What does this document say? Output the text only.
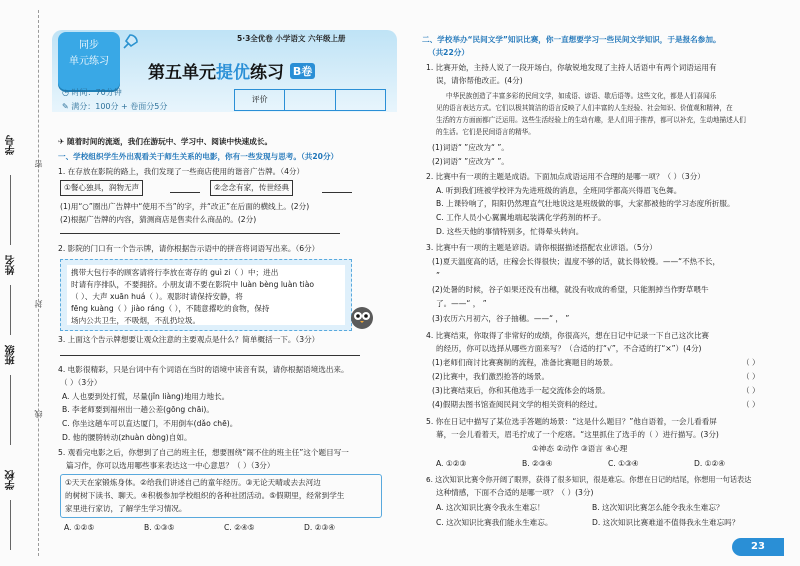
学号
姓名
班级
学校
密
封
线
同步
单元练习
5·3全优卷 小学语文 六年级上册
第五单元提优练习 B卷
◷ 时间：70分钟
✎ 满分：100分 + 卷面分5分
评价
✈ 随着时间的流逝，我们在游玩中、学习中、阅读中快速成长。
一、学校组织学生外出观看关于师生关系的电影，你有一些发现与思考。（共20分）
1. 在存放在影院的路上，我们发现了一些商店使用的谐音广告牌。（4分）
①餐心独具，润物无声	②念念有家，传世经典
(1)用“○”圈出广告牌中“使用不当”的字，并“改正”在后面的横线上。(2分)
(2)根据广告牌的内容，猜测商店是售卖什么商品的。(2分)
2. 影院的门口有一个告示牌，请你根据告示语中的拼音将词语写出来。（6分）
携带大包行李的顾客请将行李放在寄存的 guì zi（ ）中；进出
时请有序排队，不要拥挤。小朋友请不要在影院中 luàn bèng luàn tiào
（ ）、大声 xuān huá（ ）。观影时请保持安静，将
fēng kuàng（ ）jiào ráng（ ），不随意撂吃的食物，保持
场内公共卫生，不吸烟，不乱扔垃圾。
3. 上面这个告示牌想要让观众注意的主要观点是什么？简单概括一下。（3分）
4. 电影很精彩，只是台词中有个词语在当时的语境中读音有误，请你根据语境选出来。
（ ）（3分）
A. 人也要到处打慌，尽量(jǐn liàng)地用力地长。
B. 李老师要到福州出一趟公差(gōng chāi)。
C. 你坐这趟车可以直达厦门，不用倒车(dǎo chē)。
D. 他的腰胯转动(zhuàn dòng)自如。
5. 观看完电影之后，你想到了自己的班主任，想要围绕“闹不住的班主任”这个题目写一
篇习作，你可以选用哪些事来表达这一中心意思？（ ）（3分）
①天天在家锻炼身体。②给我们讲述自己的童年经历。③无论天晴或去去河边
的树树下读书、聊天。④积极参加学校组织的各种社团活动。⑤假期里，经常到学生
家里进行家访，了解学生学习情况。
A. ①②⑤	B. ①③⑤	C. ②④⑤	D. ②③④
二、学校举办“民间文学”知识比赛，你一直想要学习一些民间文学知识，于是报名参加。
（共22分）
1. 比赛开始，主持人说了一段开场白，你敏锐地发现了主持人话语中有两个词语运用有
误，请你帮他改正。(4分)
中华民族创造了丰富多彩的民间文学，如成语、谚语、歇后语等。这些文化，都是人们喜闻乐
见的语言表达方式。它们以极其简洁的语言反映了人们丰富的人生经验、社会知识、价值观和精神，在
生活的方方面面都广泛运用。这些生活经验上的生动有趣，是人们用于推荐，都可以补充，生动地描述人们
的生活。它们是民间语言的精华。
(1)词语“ ”应改为“ ”。
(2)词语“ ”应改为“ ”。
2. 比赛中有一项的主题是成语。下面加点成语运用不合理的是哪一项？（ ）（3分）
A. 听到我们班被学校评为先进班级的消息，全班同学都高兴得眉飞色舞。
B. 上课铃响了，阳阳仍然理直气壮地说这是班级做的事，大家都被他的学习态度所折服。
C. 工作人员小心翼翼地端起装满化学药剂的杯子。
D. 这些天他的事情特别多，忙得晕头转向。
3. 比赛中有一项的主题是谚语。请你根据描述搭配农业谚语。（5分）
(1)夏天温度高的话，庄稼会长得很快；温度不够的话，就长得较慢。——“不热不长，
”
(2)处暑的时候，谷子如果还没有出穗，就没有收成的希望，只能割掉当作野草喂牛
了。——“ ， ”
(3)农历六月初六，谷子抽穗。——“ ， ”
4. 比赛结束，你取得了非常好的成绩，你很高兴，想在日记中记录一下自己这次比赛
的经历，你可以选择从哪些方面来写？（合适的打“√”，不合适的打“×”）(4分)
(1)老师们商讨比赛赛制的流程，准备比赛题目的场景。	（ ）
(2)比赛中，我们激烈抢答的场景。	（ ）
(3)比赛结束后，你和其他选手一起交流体会的场景。	（ ）
(4)假期去图书馆查阅民间文学的相关资料的经过。	（ ）
5. 你在日记中描写了某位选手答题的场景：“这是什么题目？”他自语着，一会儿看看屏
幕，一会儿看着天，眉毛拧成了一个疙瘩。“这里抓住了选手的（ ）进行描写。(3分)
①神态 ②动作 ③语言 ④心理
A. ①②③	B. ②③④	C. ①③④	D. ①②④
6. 这次知识比赛令你开阔了眼界，获得了很多知识，很是难忘。你想在日记的结尾，你想用一句话表达
这种情感，下面不合适的是哪一项？（ ）(3分)
A. 这次知识比赛令我永生难忘！	B. 这次知识比赛怎么能令我永生难忘？
C. 这次知识比赛我们能永生难忘。	D. 这次知识比赛难道不值得我永生难忘吗？
23
